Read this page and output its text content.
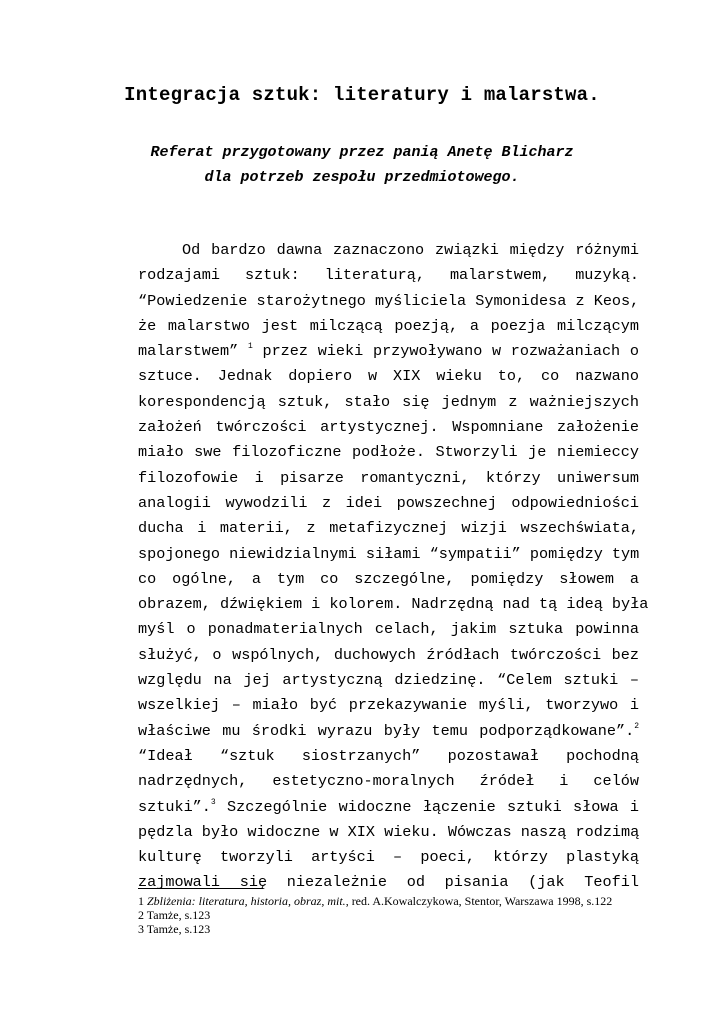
Integracja sztuk: literatury i malarstwa.
Referat przygotowany przez panią Anetę Blicharz
dla potrzeb zespołu przedmiotowego.
Od bardzo dawna zaznaczono związki między różnymi
rodzajami sztuk: literaturą, malarstwem, muzyką.
“Powiedzenie starożytnego myśliciela Symonidesa z Keos,
że malarstwo jest milczącą poezją, a poezja milczącym
malarstwem” $^1$ przez wieki przywoływano w rozważaniach o
sztuce. Jednak dopiero w XIX wieku to, co nazwano
korespondencją sztuk, stało się jednym z ważniejszych
założeń twórczości artystycznej. Wspomniane założenie
miało swe filozoficzne podłoże. Stworzyli je niemieccy
filozofowie i pisarze romantyczni, którzy uniwersum
analogii wywodzili z idei powszechnej odpowiedniości
ducha i materii, z metafizycznej wizji wszechświata,
spojonego niewidzialnymi siłami “sympatii” pomiędzy tym
co ogólne, a tym co szczególne, pomiędzy słowem a
obrazem, dźwiękiem i kolorem. Nadrzędną nad tą ideą była
myśl o ponadmaterialnych celach, jakim sztuka powinna
służyć, o wspólnych, duchowych źródłach twórczości bez
względu na jej artystyczną dziedzinę. “Celem sztuki –
wszelkiej – miało być przekazywanie myśli, tworzywo i
właściwe mu środki wyrazu były temu podporządkowane”.$^2$
“Ideał “sztuk siostrzanych” pozostawał pochodną
nadrzędnych, estetyczno-moralnych źródeł i celów
sztuki”.$^3$ Szczególnie widoczne łączenie sztuki słowa i
pędzla było widoczne w XIX wieku. Wówczas naszą rodzimą
kulturę tworzyli artyści – poeci, którzy plastyką
zajmowali się niezależnie od pisania (jak Teofil
1 Zbliżenia: literatura, historia, obraz, mit., red. A.Kowalczykowa, Stentor, Warszawa 1998, s.122
2 Tamże, s.123
3 Tamże, s.123
